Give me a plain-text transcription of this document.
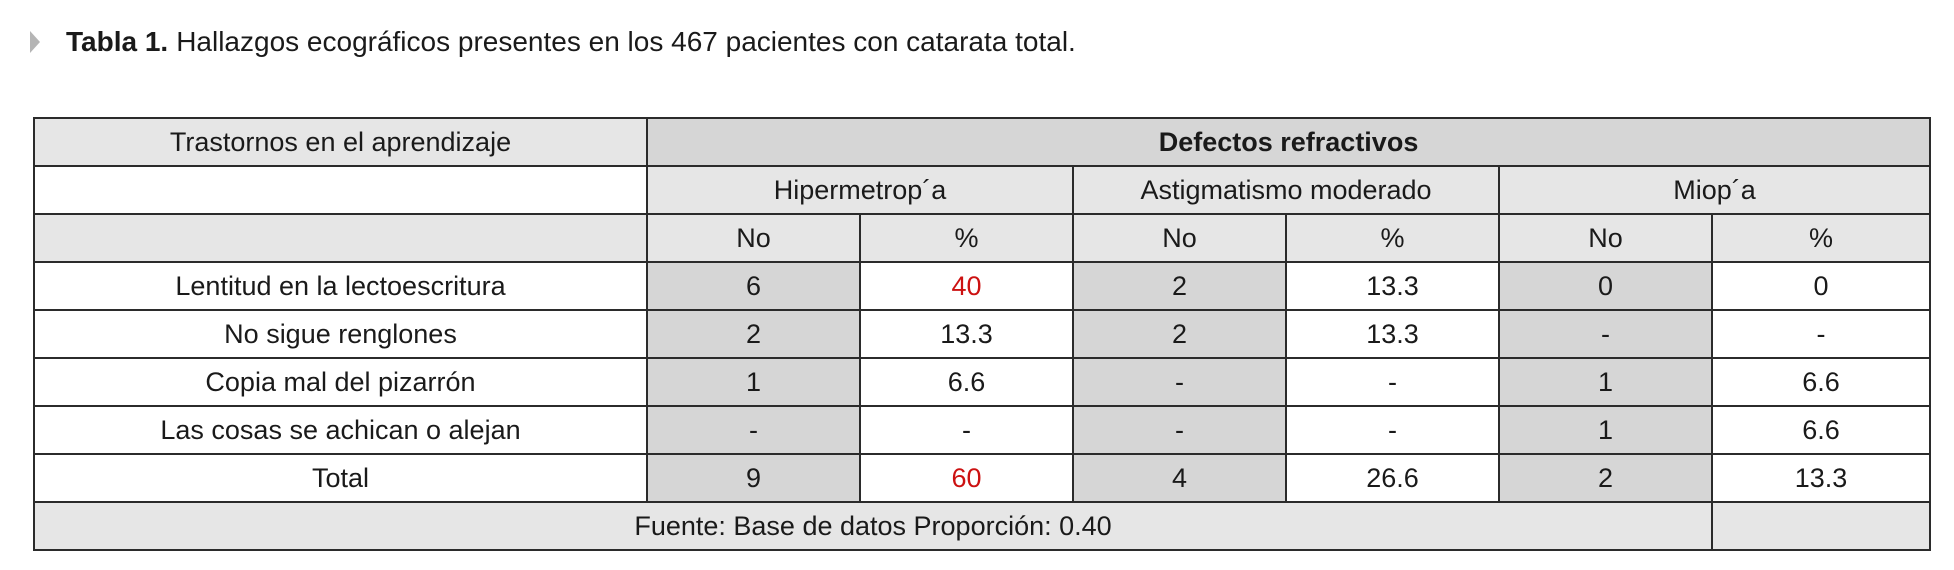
Tabla 1. Hallazgos ecográficos presentes en los 467 pacientes con catarata total.
Trastornos en el aprendizaje	Defectos refractivos					
	Hipermetrop´a		Astigmatismo moderado		Miop´a	
	No	%	No	%	No	%
Lentitud en la lectoescritura	6	40	2	13.3	0	0
No sigue renglones	2	13.3	2	13.3	-	-
Copia mal del pizarrón	1	6.6	-	-	1	6.6
Las cosas se achican o alejan	-	-	-	-	1	6.6
Total	9	60	4	26.6	2	13.3
Fuente: Base de datos Proporción: 0.40						
